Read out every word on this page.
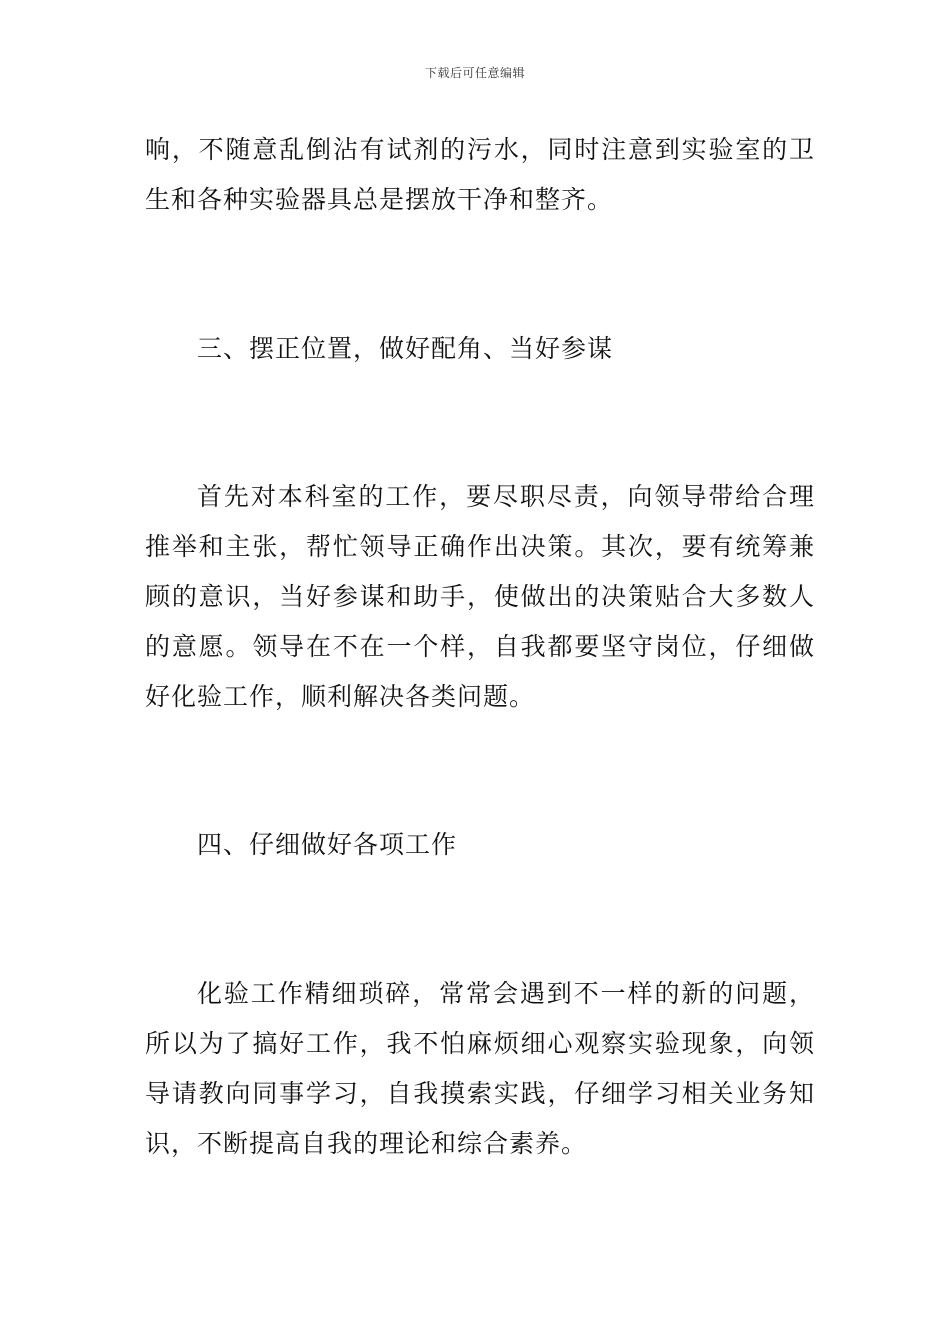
下载后可任意编辑

响，不随意乱倒沾有试剂的污水，同时注意到实验室的卫生和各种实验器具总是摆放干净和整齐。

三、摆正位置，做好配角、当好参谋

首先对本科室的工作，要尽职尽责，向领导带给合理推举和主张，帮忙领导正确作出决策。其次，要有统筹兼顾的意识，当好参谋和助手，使做出的决策贴合大多数人的意愿。领导在不在一个样，自我都要坚守岗位，仔细做好化验工作，顺利解决各类问题。

四、仔细做好各项工作

化验工作精细琐碎，常常会遇到不一样的新的问题，所以为了搞好工作，我不怕麻烦细心观察实验现象，向领导请教向同事学习，自我摸索实践，仔细学习相关业务知识，不断提高自我的理论和综合素养。
